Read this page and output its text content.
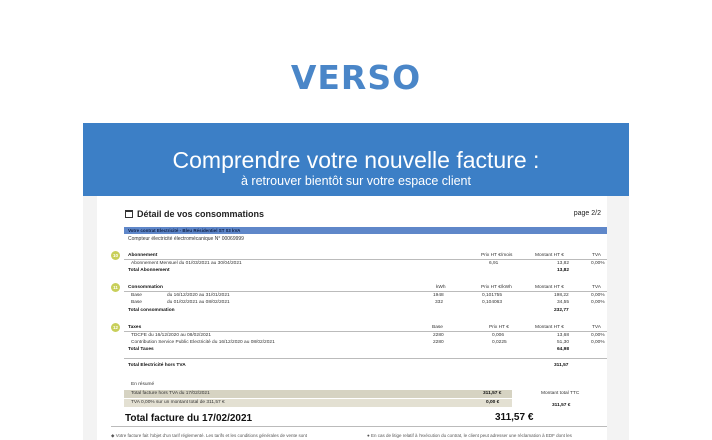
VERSO
Comprendre votre nouvelle facture :
à retrouver bientôt sur votre espace client
Détail de vos consommations	page 2/2
Votre contrat Electricité - Bleu Résidentiel ST 03 kVA
Compteur électricité électromécanique N° 00069999
10	Abonnement	Prix HT €/mois	Montant HT €	TVA
Abonnement Mensuel du 01/03/2021 au 30/04/2021	6,91	13,82	0,00%
Total Abonnement	13,82
11	Consommation	kWh	Prix HT €/kWh	Montant HT €	TVA
Base	du 16/12/2020 au 31/01/2021	1948	0,101755	198,22	0,00%
Base	du 01/02/2021 au 08/02/2021	332	0,104063	34,55	0,00%
Total consommation	232,77
12	Taxes	Base	Prix HT €	Montant HT €	TVA
TDCFE du 16/12/2020 au 08/02/2021	2280	0,006	13,68	0,00%
Contribution Service Public Electricité du 16/12/2020 au 08/02/2021	2280	0,0225	51,30	0,00%
Total Taxes	64,98
Total Electricité hors TVA	311,57
En résumé
Total facture hors TVA du 17/02/2021	311,57 €	Montant total TTC
TVA 0,00% sur un montant total de 311,57 €	0,00 €
311,57 €
Total facture du 17/02/2021	311,57 €
◆ Votre facture fait l'objet d'un tarif réglementé. Les tarifs et les conditions générales de vente sont	● En cas de litige relatif à l'exécution du contrat, le client peut adresser une réclamation à EDF dont les
